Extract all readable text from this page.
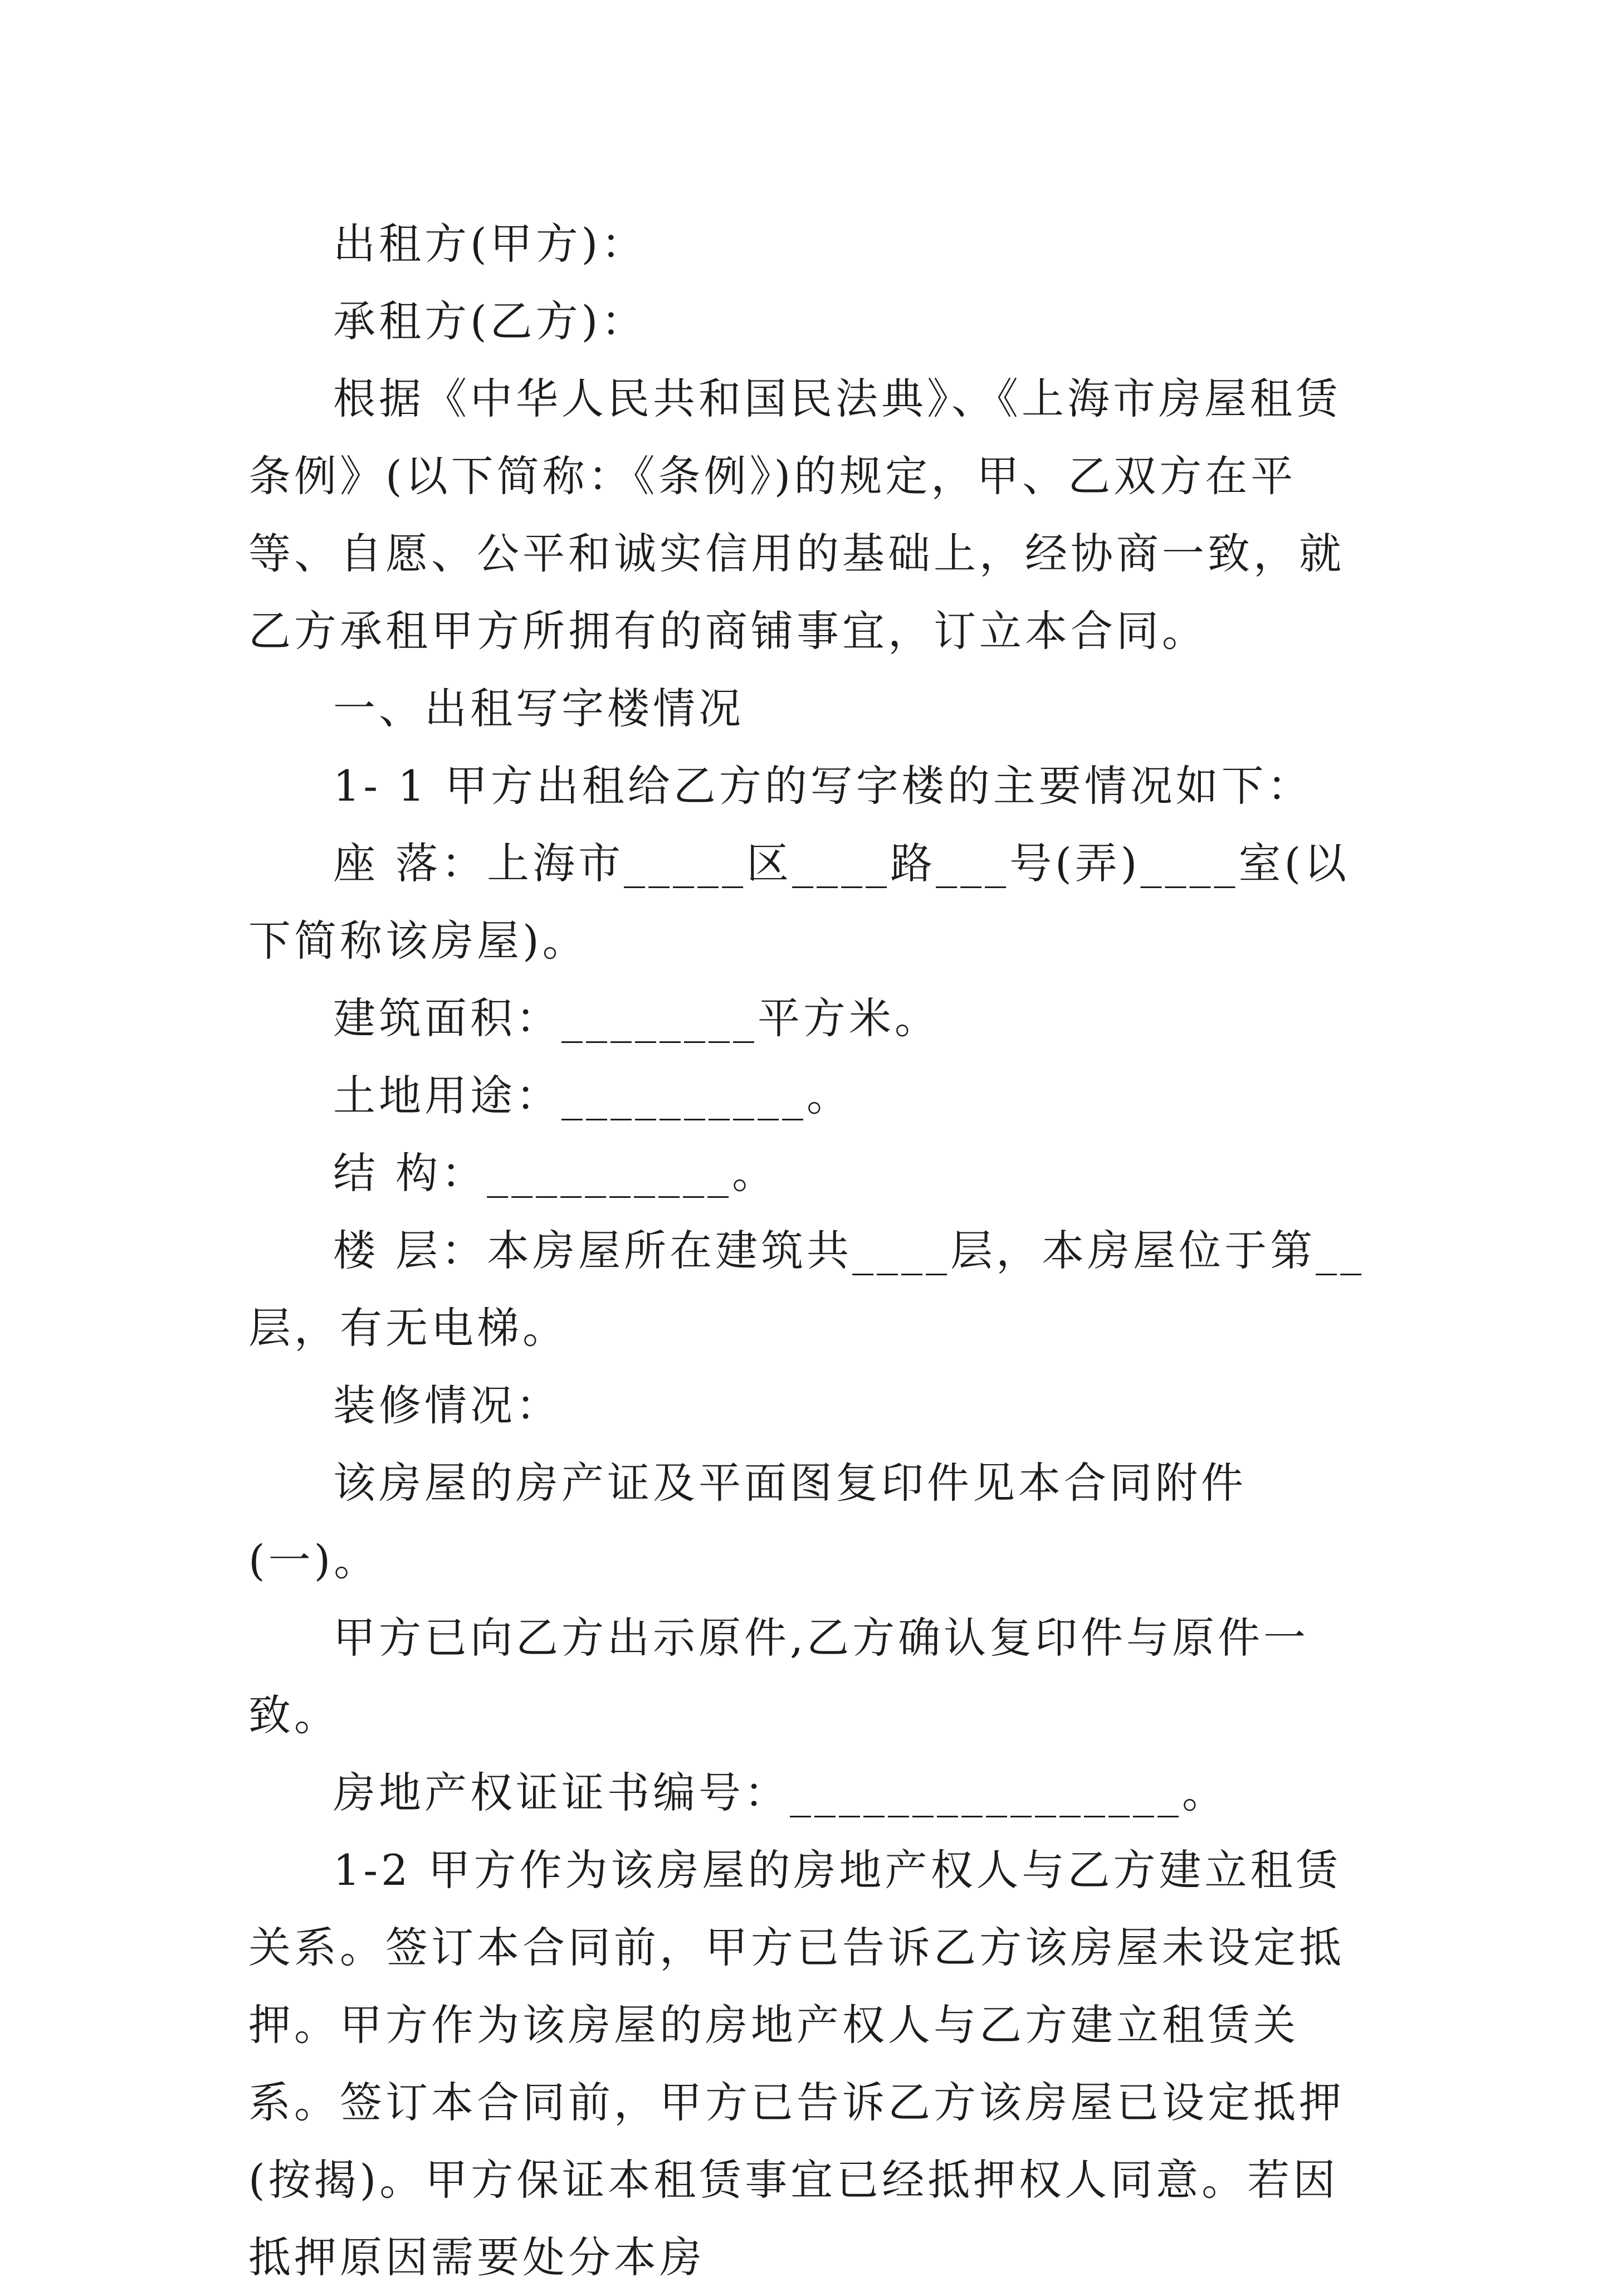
出租方(甲方)：

承租方(乙方)：

根据《中华人民共和国民法典》、《上海市房屋租赁条例》(以下简称：《条例》)的规定，甲、乙双方在平等、自愿、公平和诚实信用的基础上，经协商一致，就乙方承租甲方所拥有的商铺事宜，订立本合同。

一、出租写字楼情况

1- 1 甲方出租给乙方的写字楼的主要情况如下：

座 落：上海市_____区____路___号(弄)____室(以下简称该房屋)。

建筑面积：________平方米。

土地用途：__________。

结 构：__________。

楼 层：本房屋所在建筑共____层，本房屋位于第__层，有无电梯。

装修情况：

该房屋的房产证及平面图复印件见本合同附件(一)。

甲方已向乙方出示原件,乙方确认复印件与原件一致。

房地产权证证书编号：________________。

1-2 甲方作为该房屋的房地产权人与乙方建立租赁关系。签订本合同前，甲方已告诉乙方该房屋未设定抵押。甲方作为该房屋的房地产权人与乙方建立租赁关系。签订本合同前，甲方已告诉乙方该房屋已设定抵押(按揭)。甲方保证本租赁事宜已经抵押权人同意。若因抵押原因需要处分本房
